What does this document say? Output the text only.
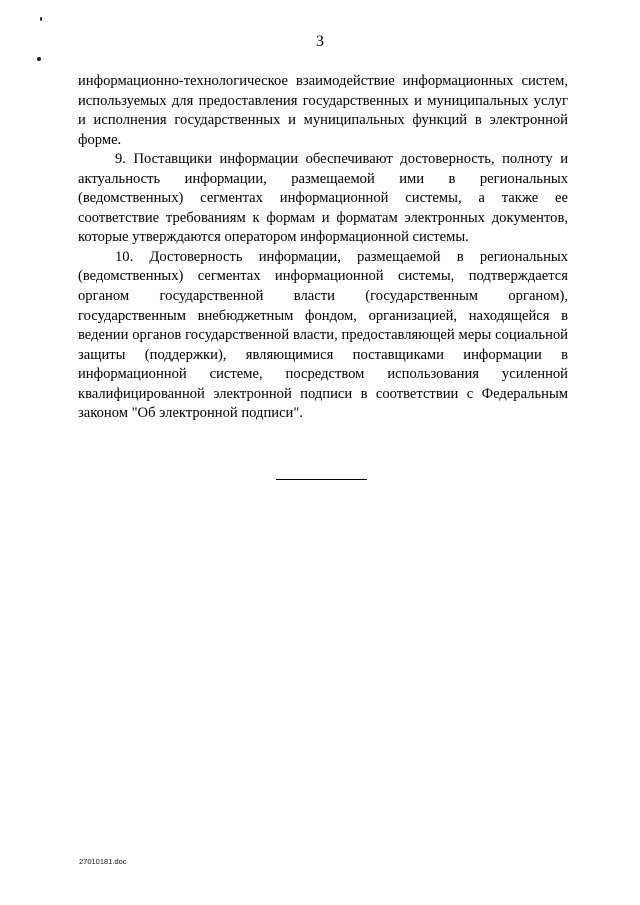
3

информационно-технологическое взаимодействие информационных систем, используемых для предоставления государственных и муниципальных услуг и исполнения государственных и муниципальных функций в электронной форме.

9. Поставщики информации обеспечивают достоверность, полноту и актуальность информации, размещаемой ими в региональных (ведомственных) сегментах информационной системы, а также ее соответствие требованиям к формам и форматам электронных документов, которые утверждаются оператором информационной системы.

10. Достоверность информации, размещаемой в региональных (ведомственных) сегментах информационной системы, подтверждается органом государственной власти (государственным органом), государственным внебюджетным фондом, организацией, находящейся в ведении органов государственной власти, предоставляющей меры социальной защиты (поддержки), являющимися поставщиками информации в информационной системе, посредством использования усиленной квалифицированной электронной подписи в соответствии с Федеральным законом "Об электронной подписи".

27010181.doc
